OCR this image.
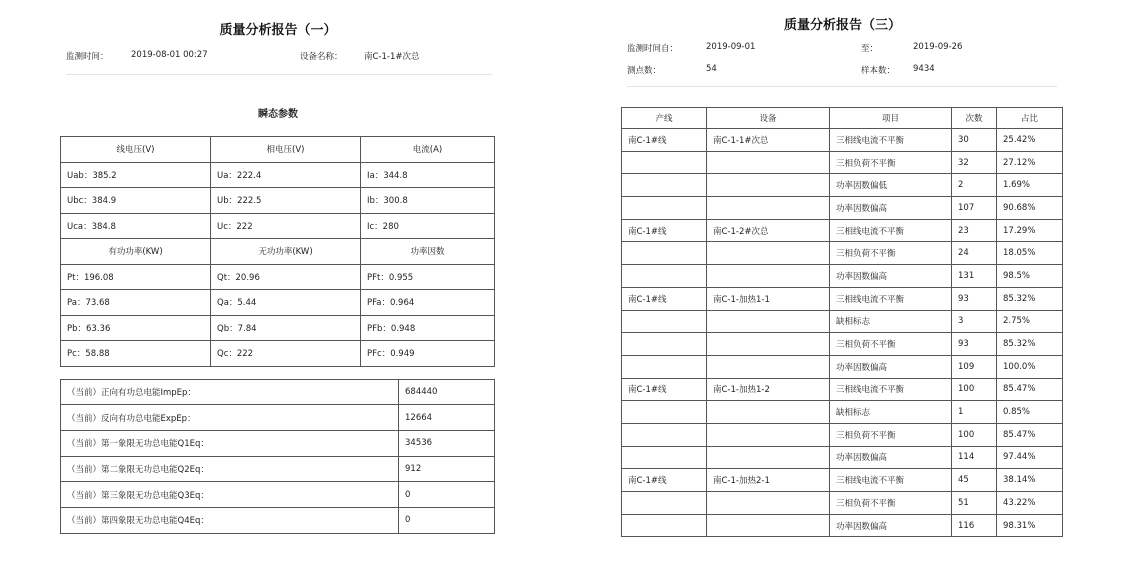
质量分析报告（一）
监测时间：	2019-08-01 00:27	设备名称：	南C-1-1#次总
瞬态参数
线电压(V)	相电压(V)	电流(A)
Uab：385.2	Ua：222.4	Ia：344.8
Ubc：384.9	Ub：222.5	Ib：300.8
Uca：384.8	Uc：222	Ic：280
有功功率(KW)	无功功率(KW)	功率因数
Pt：196.08	Qt：20.96	PFt：0.955
Pa：73.68	Qa：5.44	PFa：0.964
Pb：63.36	Qb：7.84	PFb：0.948
Pc：58.88	Qc：222	PFc：0.949
（当前）正向有功总电能ImpEp：	684440
（当前）反向有功总电能ExpEp：	12664
（当前）第一象限无功总电能Q1Eq：	34536
（当前）第二象限无功总电能Q2Eq：	912
（当前）第三象限无功总电能Q3Eq：	0
（当前）第四象限无功总电能Q4Eq：	0
质量分析报告（三）
监测时间自：	2019-09-01	至：	2019-09-26
测点数：	54	样本数： 9434
产线	设备	项目	次数	占比
南C-1#线	南C-1-1#次总	三相线电流不平衡	30	25.42%
		三相负荷不平衡	32	27.12%
		功率因数偏低	2	1.69%
		功率因数偏高	107	90.68%
南C-1#线	南C-1-2#次总	三相线电流不平衡	23	17.29%
		三相负荷不平衡	24	18.05%
		功率因数偏高	131	98.5%
南C-1#线	南C-1-加热1-1	三相线电流不平衡	93	85.32%
		缺相标志	3	2.75%
		三相负荷不平衡	93	85.32%
		功率因数偏高	109	100.0%
南C-1#线	南C-1-加热1-2	三相线电流不平衡	100	85.47%
		缺相标志	1	0.85%
		三相负荷不平衡	100	85.47%
		功率因数偏高	114	97.44%
南C-1#线	南C-1-加热2-1	三相线电流不平衡	45	38.14%
		三相负荷不平衡	51	43.22%
		功率因数偏高	116	98.31%
